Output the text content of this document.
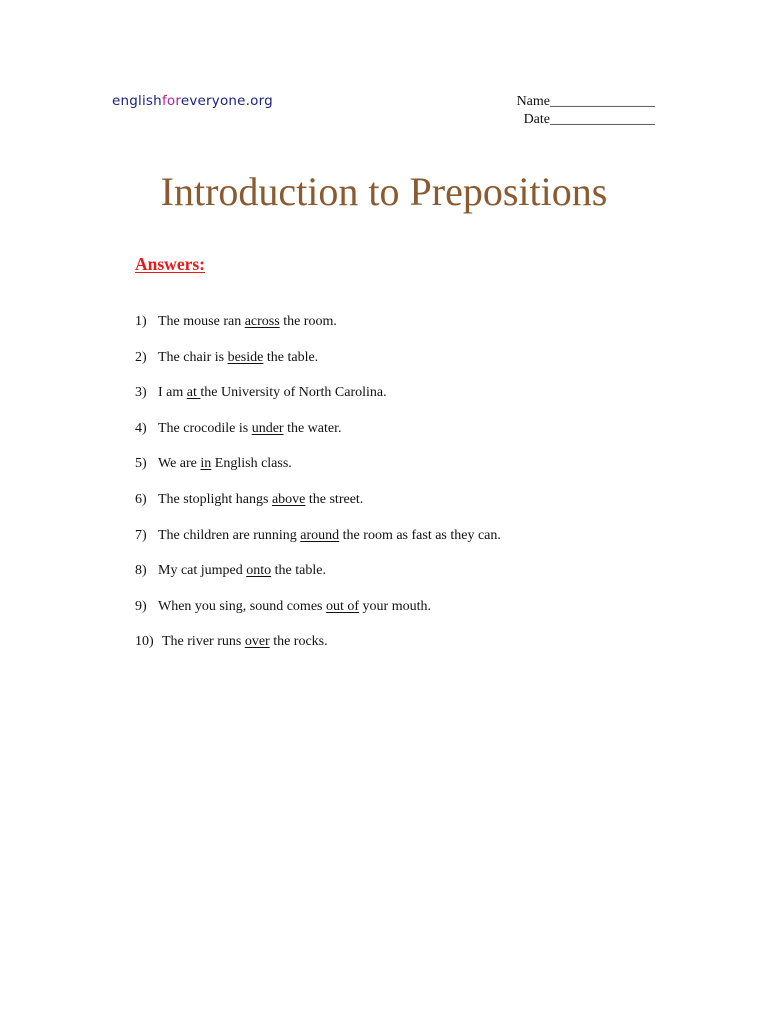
englishforeveryone.org	Name_______________
Date_______________
Introduction to Prepositions
Answers:
1) The mouse ran across the room.
2) The chair is beside the table.
3) I am at the University of North Carolina.
4) The crocodile is under the water.
5) We are in English class.
6) The stoplight hangs above the street.
7) The children are running around the room as fast as they can.
8) My cat jumped onto the table.
9) When you sing, sound comes out of your mouth.
10) The river runs over the rocks.
